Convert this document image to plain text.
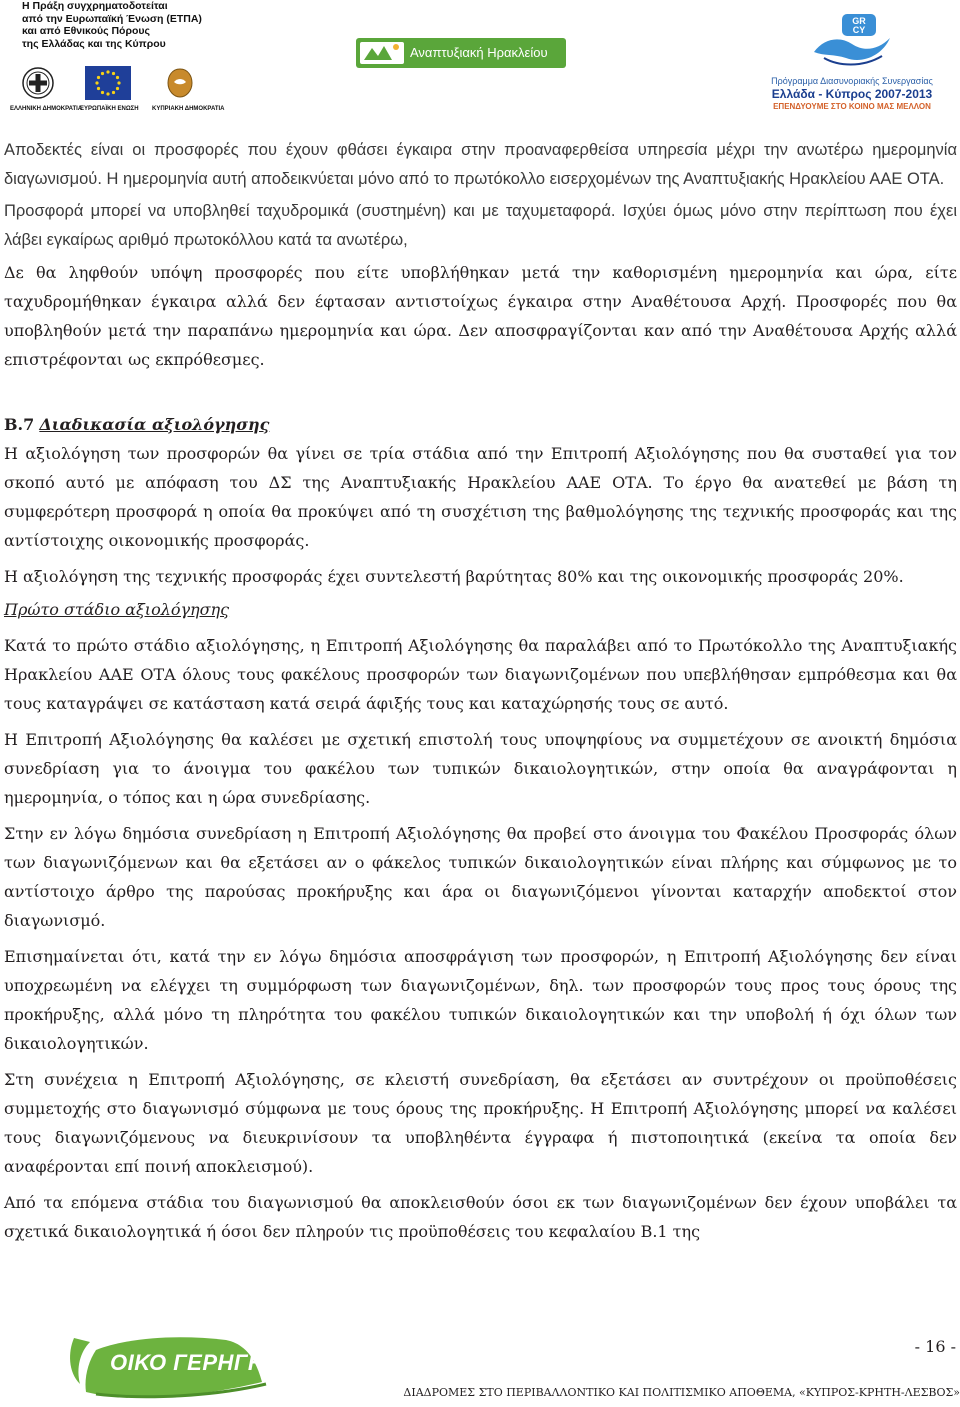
Η Πράξη συγχρηματοδοτείται
από την Ευρωπαϊκή Ένωση (ΕΤΠΑ)
και από Εθνικούς Πόρους
της Ελλάδας και της Κύπρου
ΕΛΛΗΝΙΚΗ ΔΗΜΟΚΡΑΤΙΑ
ΕΥΡΩΠΑΪΚΗ ΕΝΩΣΗ ΚΥΠΡΙΑΚΗ ΔΗΜΟΚΡΑΤΙΑ
Αναπτυξιακή Ηρακλείου
GR
CY
Πρόγραμμα Διασυνοριακής Συνεργασίας
Ελλάδα - Κύπρος 2007-2013
ΕΠΕΝΔΥΟΥΜΕ ΣΤΟ ΚΟΙΝΟ ΜΑΣ ΜΕΛΛΟΝ

Αποδεκτές είναι οι προσφορές που έχουν φθάσει έγκαιρα στην προαναφερθείσα υπηρεσία μέχρι την ανωτέρω ημερομηνία διαγωνισμού. Η ημερομηνία αυτή αποδεικνύεται μόνο από το πρωτόκολλο εισερχομένων της Αναπτυξιακής Ηρακλείου ΑΑΕ ΟΤΑ.

Προσφορά μπορεί να υποβληθεί ταχυδρομικά (συστημένη) και με ταχυμεταφορά. Ισχύει όμως μόνο στην περίπτωση που έχει λάβει εγκαίρως αριθμό πρωτοκόλλου κατά τα ανωτέρω,

Δε θα ληφθούν υπόψη προσφορές που είτε υποβλήθηκαν μετά την καθορισμένη ημερομηνία και ώρα, είτε ταχυδρομήθηκαν έγκαιρα αλλά δεν έφτασαν αντιστοίχως έγκαιρα στην Αναθέτουσα Αρχή. Προσφορές που θα υποβληθούν μετά την παραπάνω ημερομηνία και ώρα. Δεν αποσφραγίζονται καν από την Αναθέτουσα Αρχής αλλά επιστρέφονται ως εκπρόθεσμες.

Β.7 Διαδικασία αξιολόγησης

Η αξιολόγηση των προσφορών θα γίνει σε τρία στάδια από την Επιτροπή Αξιολόγησης που θα συσταθεί για τον σκοπό αυτό με απόφαση του ΔΣ της Αναπτυξιακής Ηρακλείου ΑΑΕ ΟΤΑ. Το έργο θα ανατεθεί με βάση τη συμφερότερη προσφορά η οποία θα προκύψει από τη συσχέτιση της βαθμολόγησης της τεχνικής προσφοράς και της αντίστοιχης οικονομικής προσφοράς.

Η αξιολόγηση της τεχνικής προσφοράς έχει συντελεστή βαρύτητας 80% και της οικονομικής προσφοράς 20%.

Πρώτο στάδιο αξιολόγησης

Κατά το πρώτο στάδιο αξιολόγησης, η Επιτροπή Αξιολόγησης θα παραλάβει από το Πρωτόκολλο της Αναπτυξιακής Ηρακλείου ΑΑΕ ΟΤΑ όλους τους φακέλους προσφορών των διαγωνιζομένων που υπεβλήθησαν εμπρόθεσμα και θα τους καταγράψει σε κατάσταση κατά σειρά άφιξής τους και καταχώρησής τους σε αυτό.

Η Επιτροπή Αξιολόγησης θα καλέσει με σχετική επιστολή τους υποψηφίους να συμμετέχουν σε ανοικτή δημόσια συνεδρίαση για το άνοιγμα του φακέλου των τυπικών δικαιολογητικών, στην οποία θα αναγράφονται η ημερομηνία, ο τόπος και η ώρα συνεδρίασης.

Στην εν λόγω δημόσια συνεδρίαση η Επιτροπή Αξιολόγησης θα προβεί στο άνοιγμα του Φακέλου Προσφοράς όλων των διαγωνιζόμενων και θα εξετάσει αν ο φάκελος τυπικών δικαιολογητικών είναι πλήρης και σύμφωνος με το αντίστοιχο άρθρο της παρούσας προκήρυξης και άρα οι διαγωνιζόμενοι γίνονται καταρχήν αποδεκτοί στον διαγωνισμό.

Επισημαίνεται ότι, κατά την εν λόγω δημόσια αποσφράγιση των προσφορών, η Επιτροπή Αξιολόγησης δεν είναι υποχρεωμένη να ελέγχει τη συμμόρφωση των διαγωνιζομένων, δηλ. των προσφορών τους προς τους όρους της προκήρυξης, αλλά μόνο τη πληρότητα του φακέλου τυπικών δικαιολογητικών και την υποβολή ή όχι όλων των δικαιολογητικών.

Στη συνέχεια η Επιτροπή Αξιολόγησης, σε κλειστή συνεδρίαση, θα εξετάσει αν συντρέχουν οι προϋποθέσεις συμμετοχής στο διαγωνισμό σύμφωνα με τους όρους της προκήρυξης. Η Επιτροπή Αξιολόγησης μπορεί να καλέσει τους διαγωνιζόμενους να διευκρινίσουν τα υποβληθέντα έγγραφα ή πιστοποιητικά (εκείνα τα οποία δεν αναφέρονται επί ποινή αποκλεισμού).

Από τα επόμενα στάδια του διαγωνισμού θα αποκλεισθούν όσοι εκ των διαγωνιζομένων δεν έχουν υποβάλει τα σχετικά δικαιολογητικά ή όσοι δεν πληρούν τις προϋποθέσεις του κεφαλαίου Β.1 της

ΟΙΚΟ ΓΕΡΗΓΗΤΕs
- 16 -
ΔΙΑΔΡΟΜΕΣ ΣΤΟ ΠΕΡΙΒΑΛΛΟΝΤΙΚΟ ΚΑΙ ΠΟΛΙΤΙΣΜΙΚΟ ΑΠΟΘΕΜΑ, «ΚΥΠΡΟΣ-ΚΡΗΤΗ-ΛΕΣΒΟΣ»
